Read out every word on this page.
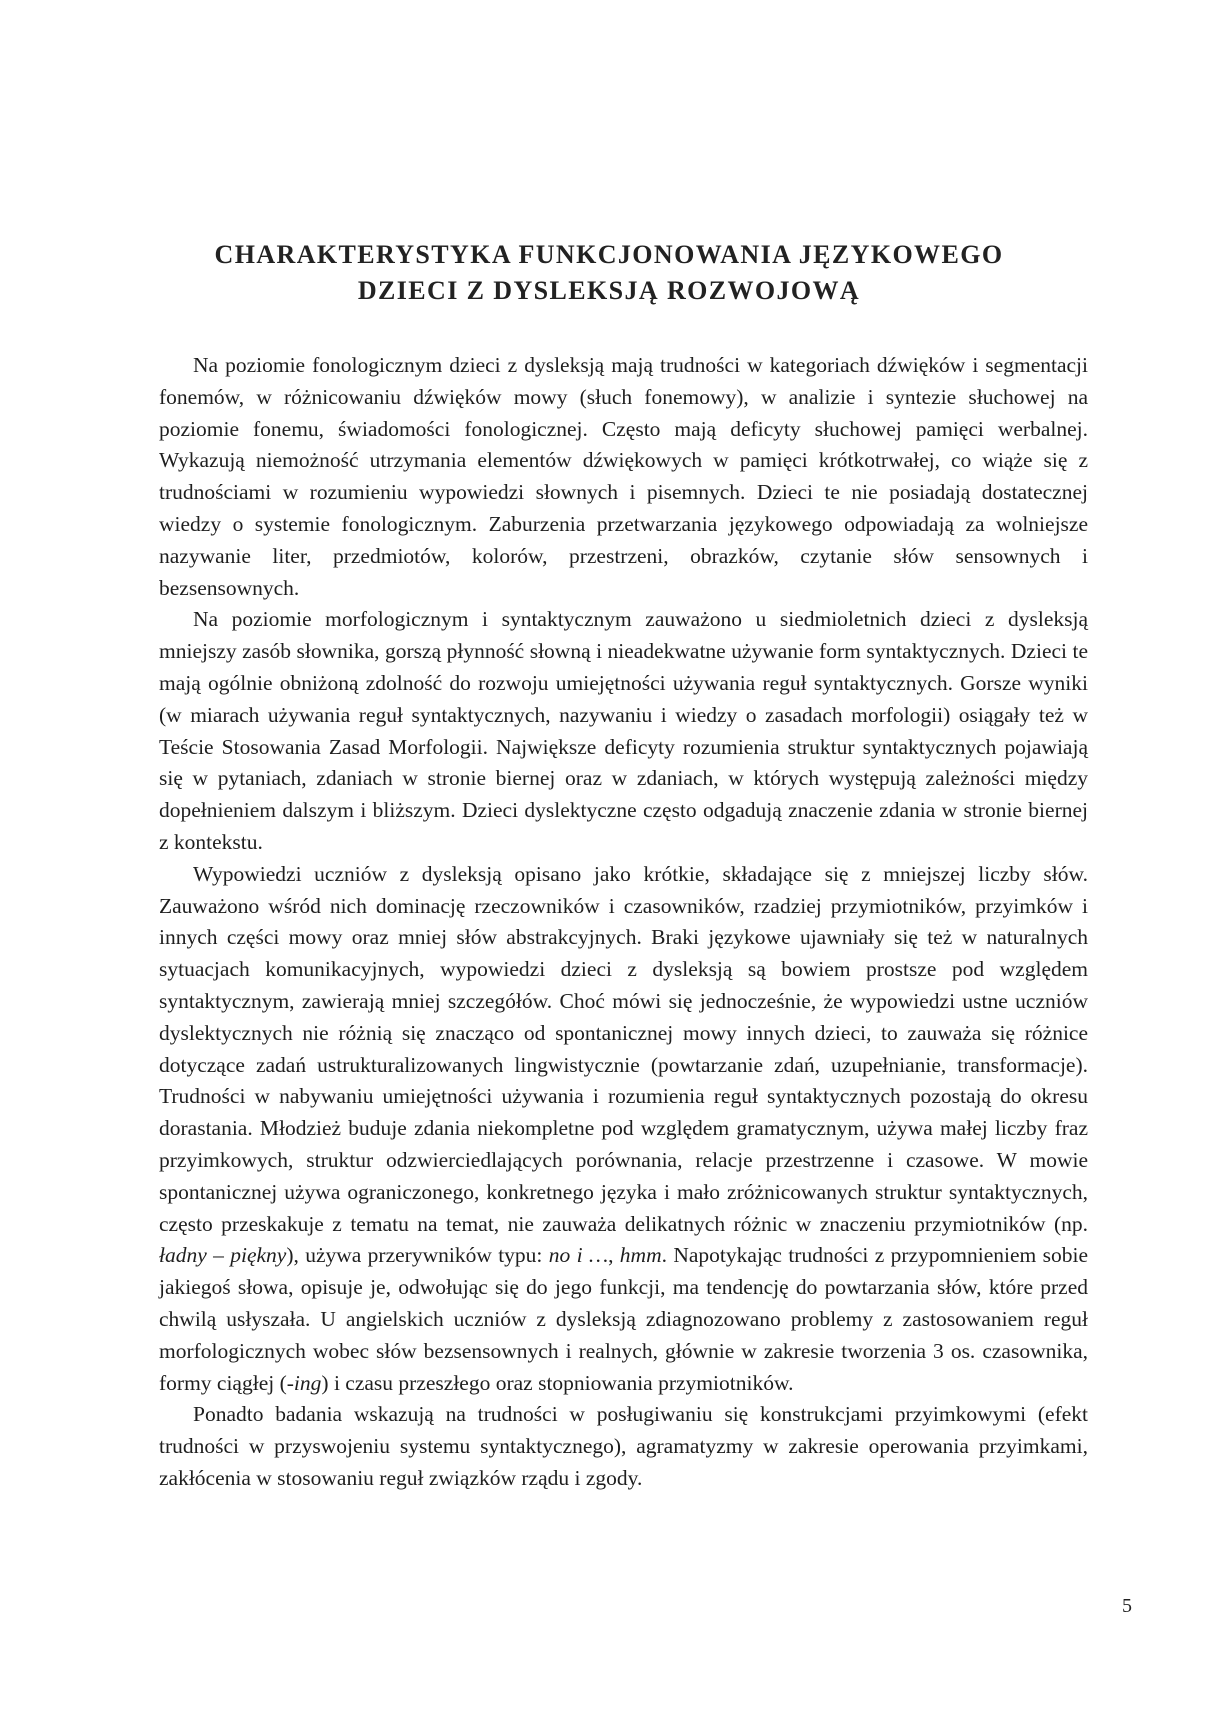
CHARAKTERYSTYKA FUNKCJONOWANIA JĘZYKOWEGO
DZIECI Z DYSLEKSJĄ ROZWOJOWĄ

Na poziomie fonologicznym dzieci z dysleksją mają trudności w kategoriach dźwięków i segmentacji fonemów, w różnicowaniu dźwięków mowy (słuch fonemowy), w analizie i syntezie słuchowej na poziomie fonemu, świadomości fonologicznej. Często mają deficyty słuchowej pamięci werbalnej. Wykazują niemożność utrzymania elementów dźwiękowych w pamięci krótkotrwałej, co wiąże się z trudnościami w rozumieniu wypowiedzi słownych i pisemnych. Dzieci te nie posiadają dostatecznej wiedzy o systemie fonologicznym. Zaburzenia przetwarzania językowego odpowiadają za wolniejsze nazywanie liter, przedmiotów, kolorów, przestrzeni, obrazków, czytanie słów sensownych i bezsensownych.

Na poziomie morfologicznym i syntaktycznym zauważono u siedmioletnich dzieci z dysleksją mniejszy zasób słownika, gorszą płynność słowną i nieadekwatne używanie form syntaktycznych. Dzieci te mają ogólnie obniżoną zdolność do rozwoju umiejętności używania reguł syntaktycznych. Gorsze wyniki (w miarach używania reguł syntaktycznych, nazywaniu i wiedzy o zasadach morfologii) osiągały też w Teście Stosowania Zasad Morfologii. Największe deficyty rozumienia struktur syntaktycznych pojawiają się w pytaniach, zdaniach w stronie biernej oraz w zdaniach, w których występują zależności między dopełnieniem dalszym i bliższym. Dzieci dyslektyczne często odgadują znaczenie zdania w stronie biernej z kontekstu.

Wypowiedzi uczniów z dysleksją opisano jako krótkie, składające się z mniejszej liczby słów. Zauważono wśród nich dominację rzeczowników i czasowników, rzadziej przymiotników, przyimków i innych części mowy oraz mniej słów abstrakcyjnych. Braki językowe ujawniały się też w naturalnych sytuacjach komunikacyjnych, wypowiedzi dzieci z dysleksją są bowiem prostsze pod względem syntaktycznym, zawierają mniej szczegółów. Choć mówi się jednocześnie, że wypowiedzi ustne uczniów dyslektycznych nie różnią się znacząco od spontanicznej mowy innych dzieci, to zauważa się różnice dotyczące zadań ustrukturalizowanych lingwistycznie (powtarzanie zdań, uzupełnianie, transformacje). Trudności w nabywaniu umiejętności używania i rozumienia reguł syntaktycznych pozostają do okresu dorastania. Młodzież buduje zdania niekompletne pod względem gramatycznym, używa małej liczby fraz przyimkowych, struktur odzwierciedlających porównania, relacje przestrzenne i czasowe. W mowie spontanicznej używa ograniczonego, konkretnego języka i mało zróżnicowanych struktur syntaktycznych, często przeskakuje z tematu na temat, nie zauważa delikatnych różnic w znaczeniu przymiotników (np. ładny – piękny), używa przerywników typu: no i …, hmm. Napotykając trudności z przypomnieniem sobie jakiegoś słowa, opisuje je, odwołując się do jego funkcji, ma tendencję do powtarzania słów, które przed chwilą usłyszała. U angielskich uczniów z dysleksją zdiagnozowano problemy z zastosowaniem reguł morfologicznych wobec słów bezsensownych i realnych, głównie w zakresie tworzenia 3 os. czasownika, formy ciągłej (-ing) i czasu przeszłego oraz stopniowania przymiotników.

Ponadto badania wskazują na trudności w posługiwaniu się konstrukcjami przyimkowymi (efekt trudności w przyswojeniu systemu syntaktycznego), agramatyzmy w zakresie operowania przyimkami, zakłócenia w stosowaniu reguł związków rządu i zgody.

5
